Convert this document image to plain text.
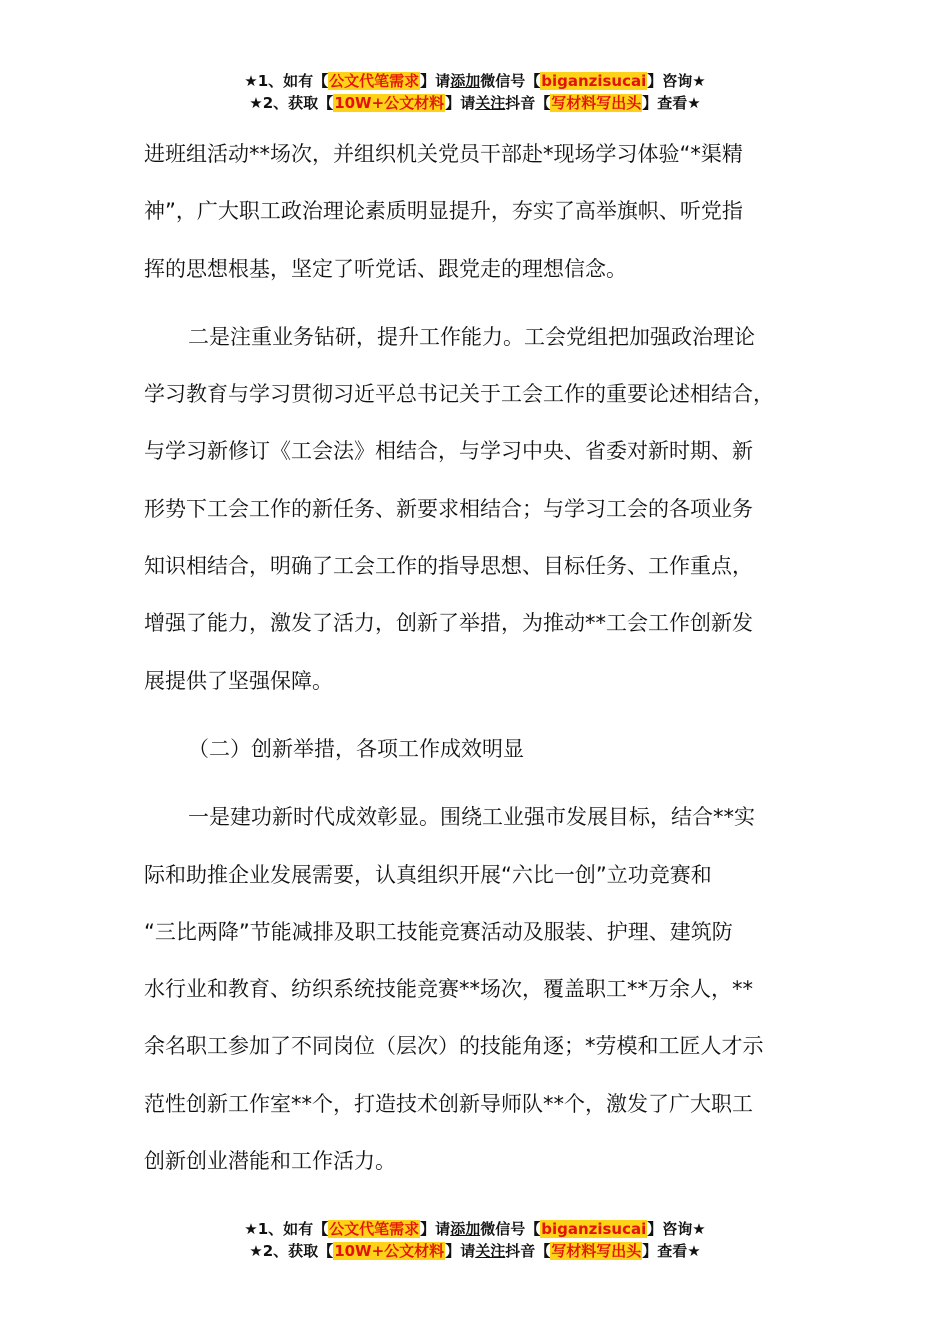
★1、如有【公文代笔需求】请添加微信号【biganzisucai】咨询★
★2、获取【10W+公文材料】请关注抖音【写材料写出头】查看★

进班组活动**场次，并组织机关党员干部赴*现场学习体验“*渠精
神”，广大职工政治理论素质明显提升，夯实了高举旗帜、听党指
挥的思想根基，坚定了听党话、跟党走的理想信念。

二是注重业务钻研，提升工作能力。工会党组把加强政治理论
学习教育与学习贯彻习近平总书记关于工会工作的重要论述相结合，
与学习新修订《工会法》相结合，与学习中央、省委对新时期、新
形势下工会工作的新任务、新要求相结合；与学习工会的各项业务
知识相结合，明确了工会工作的指导思想、目标任务、工作重点，
增强了能力，激发了活力，创新了举措，为推动**工会工作创新发
展提供了坚强保障。

（二）创新举措，各项工作成效明显

一是建功新时代成效彰显。围绕工业强市发展目标，结合**实
际和助推企业发展需要，认真组织开展“六比一创”立功竞赛和
“三比两降”节能减排及职工技能竞赛活动及服装、护理、建筑防
水行业和教育、纺织系统技能竞赛**场次，覆盖职工**万余人，**
余名职工参加了不同岗位（层次）的技能角逐；*劳模和工匠人才示
范性创新工作室**个，打造技术创新导师队**个，激发了广大职工
创新创业潜能和工作活力。

★1、如有【公文代笔需求】请添加微信号【biganzisucai】咨询★
★2、获取【10W+公文材料】请关注抖音【写材料写出头】查看★
